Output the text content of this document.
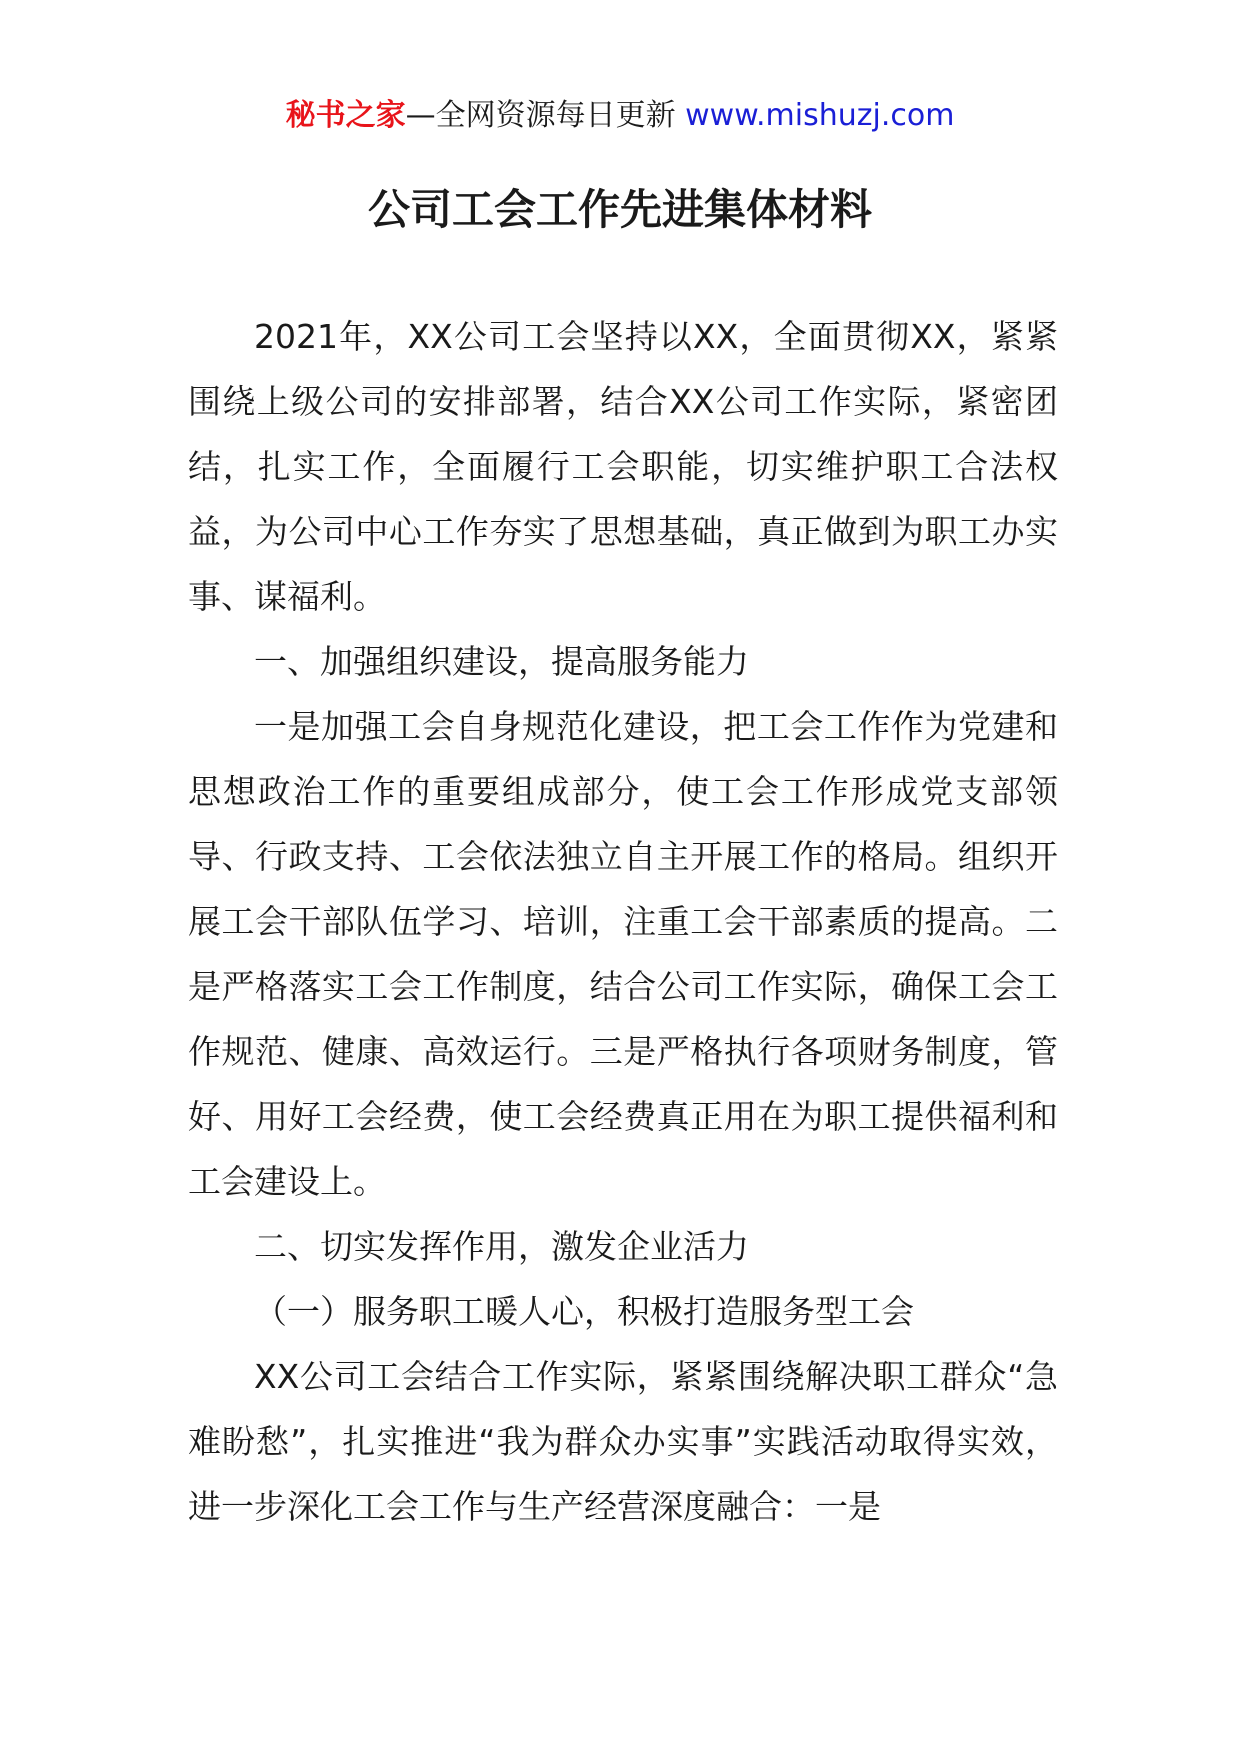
秘书之家—全网资源每日更新 www.mishuzj.com
公司工会工作先进集体材料

2021年，XX公司工会坚持以XX，全面贯彻XX，紧紧围绕上级公司的安排部署，结合XX公司工作实际，紧密团结，扎实工作，全面履行工会职能，切实维护职工合法权益，为公司中心工作夯实了思想基础，真正做到为职工办实事、谋福利。

一、加强组织建设，提高服务能力

一是加强工会自身规范化建设，把工会工作作为党建和思想政治工作的重要组成部分，使工会工作形成党支部领导、行政支持、工会依法独立自主开展工作的格局。组织开展工会干部队伍学习、培训，注重工会干部素质的提高。二是严格落实工会工作制度，结合公司工作实际，确保工会工作规范、健康、高效运行。三是严格执行各项财务制度，管好、用好工会经费，使工会经费真正用在为职工提供福利和工会建设上。

二、切实发挥作用，激发企业活力

（一）服务职工暖人心，积极打造服务型工会

XX公司工会结合工作实际，紧紧围绕解决职工群众“急难盼愁”，扎实推进“我为群众办实事”实践活动取得实效，进一步深化工会工作与生产经营深度融合：一是
